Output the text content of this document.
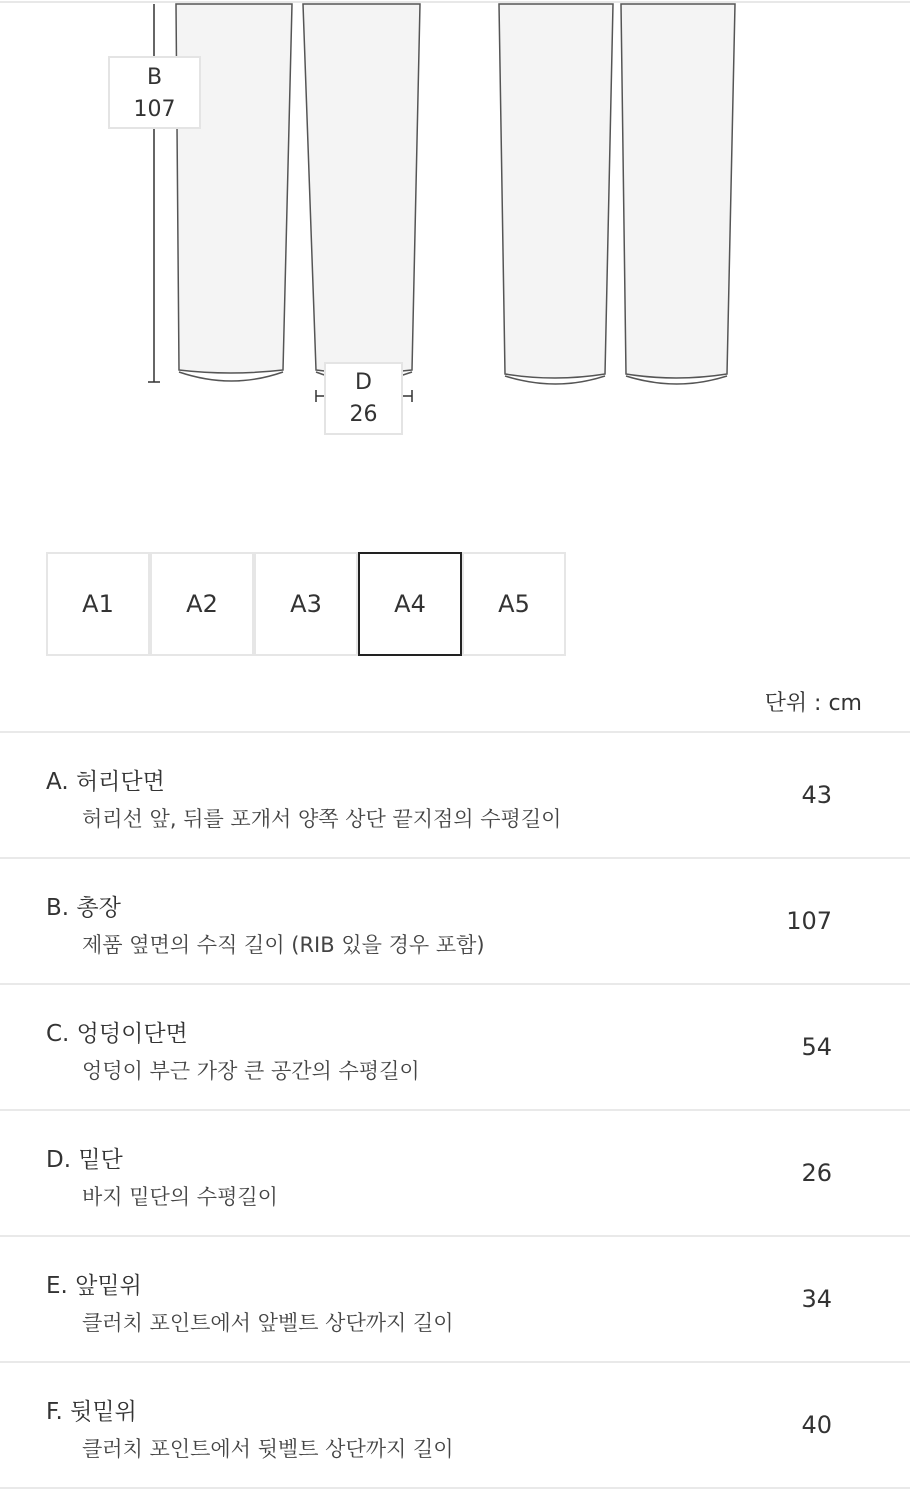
B
107
D
26
A1	A2	A3	A4	A5
단위 : cm
A. 허리단면
허리선 앞, 뒤를 포개서 양쪽 상단 끝지점의 수평길이
43
B. 총장
제품 옆면의 수직 길이 (RIB 있을 경우 포함)
107
C. 엉덩이단면
엉덩이 부근 가장 큰 공간의 수평길이
54
D. 밑단
바지 밑단의 수평길이
26
E. 앞밑위
클러치 포인트에서 앞벨트 상단까지 길이
34
F. 뒷밑위
클러치 포인트에서 뒷벨트 상단까지 길이
40
